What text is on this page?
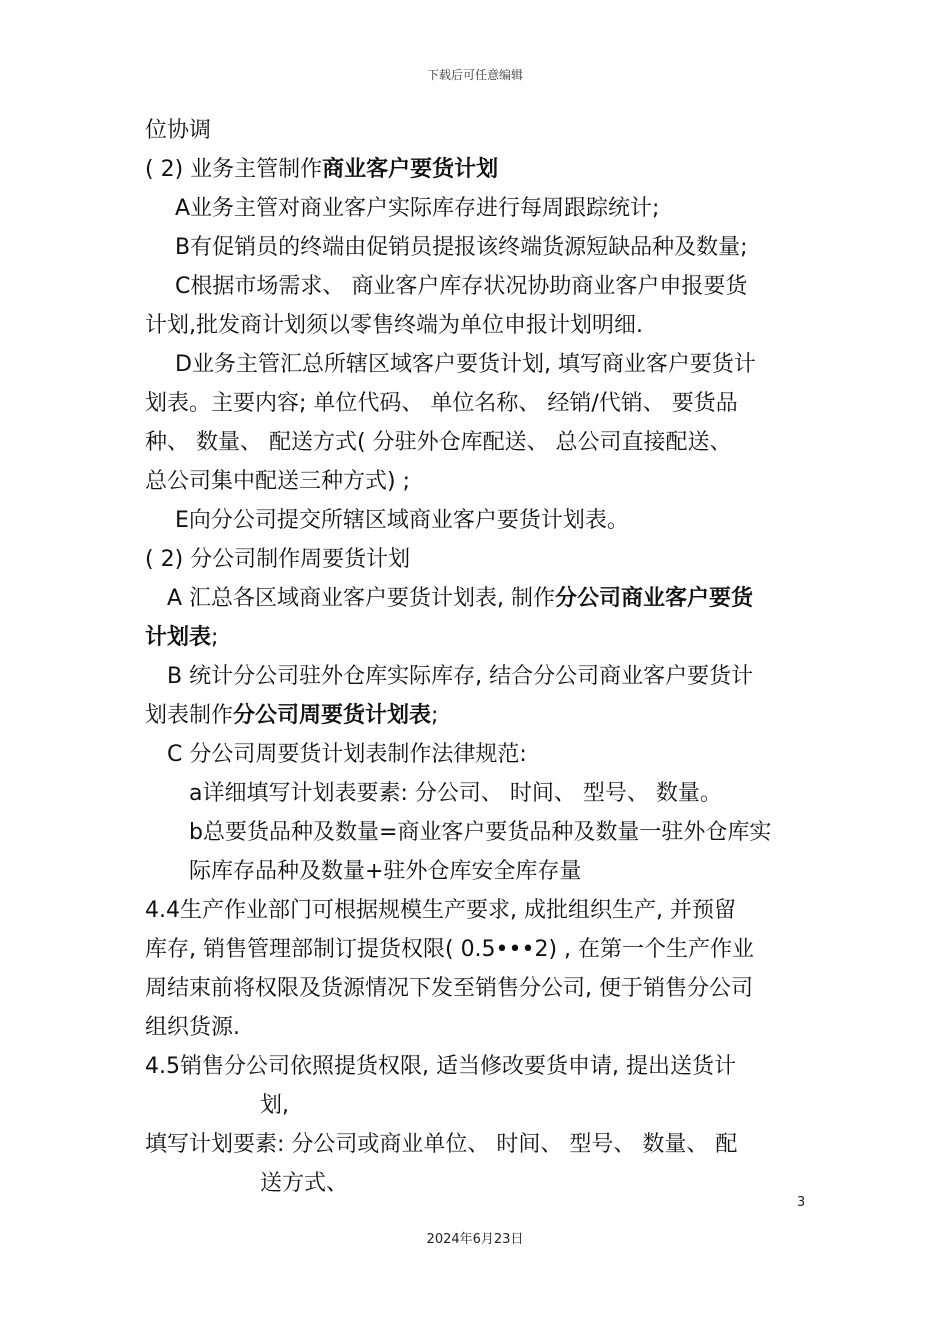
下载后可任意编辑
位协调
( 2) 业务主管制作商业客户要货计划
A业务主管对商业客户实际库存进行每周跟踪统计;
B有促销员的终端由促销员提报该终端货源短缺品种及数量;
C根据市场需求、 商业客户库存状况协助商业客户申报要货
计划,批发商计划须以零售终端为单位申报计划明细.
D业务主管汇总所辖区域客户要货计划, 填写商业客户要货计
划表。主要内容; 单位代码、 单位名称、 经销/代销、 要货品
种、 数量、 配送方式( 分驻外仓库配送、 总公司直接配送、
总公司集中配送三种方式) ;
E向分公司提交所辖区域商业客户要货计划表。
( 2) 分公司制作周要货计划
A 汇总各区域商业客户要货计划表, 制作分公司商业客户要货
计划表;
B 统计分公司驻外仓库实际库存, 结合分公司商业客户要货计
划表制作分公司周要货计划表;
C 分公司周要货计划表制作法律规范:
a详细填写计划表要素: 分公司、 时间、 型号、 数量。
b总要货品种及数量=商业客户要货品种及数量一驻外仓库实
际库存品种及数量+驻外仓库安全库存量
4.4生产作业部门可根据规模生产要求, 成批组织生产, 并预留
库存, 销售管理部制订提货权限( 0.5•••2) , 在第一个生产作业
周结束前将权限及货源情况下发至销售分公司, 便于销售分公司
组织货源.
4.5销售分公司依照提货权限, 适当修改要货申请, 提出送货计
划,
填写计划要素: 分公司或商业单位、 时间、 型号、 数量、 配
送方式、
3
2024年6月23日
